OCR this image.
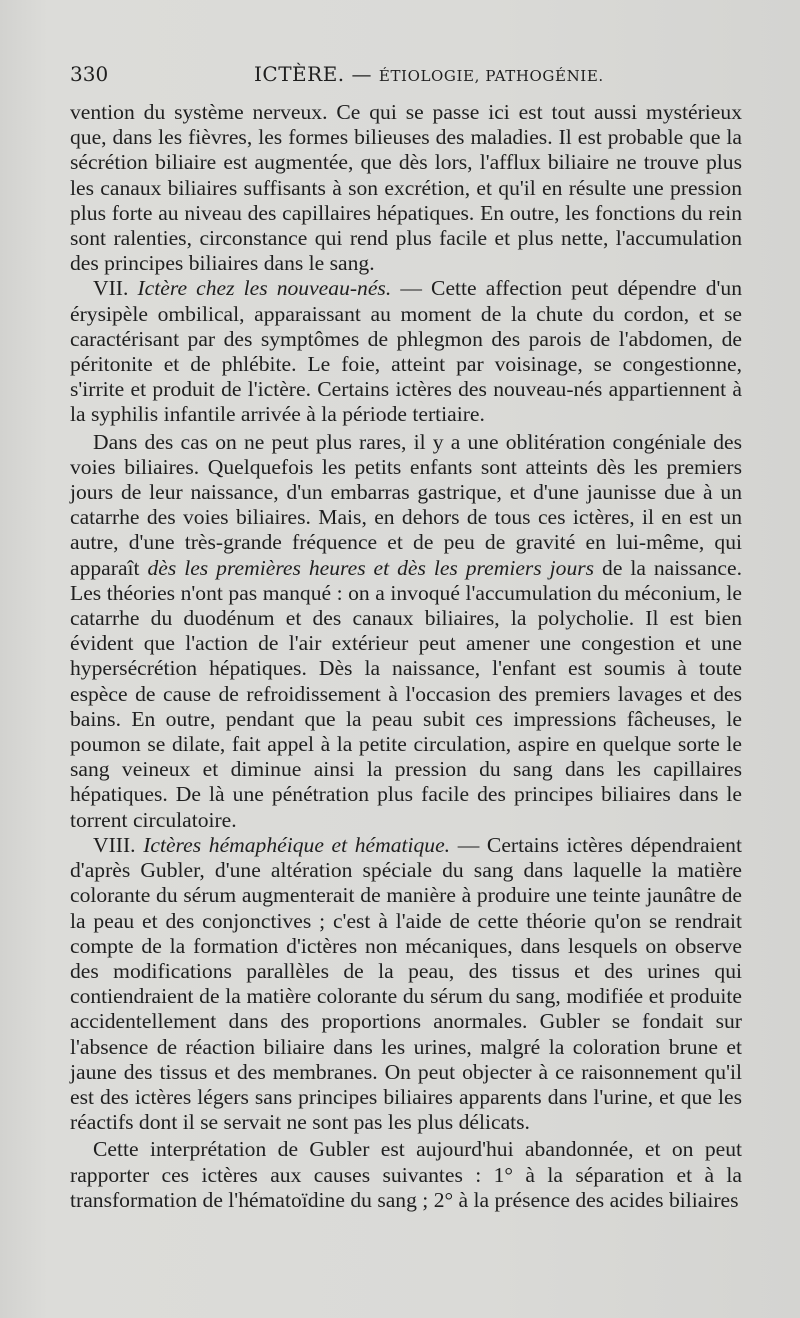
330	ICTÈRE. — ÉTIOLOGIE, PATHOGÉNIE.

vention du système nerveux. Ce qui se passe ici est tout aussi mystérieux que, dans les fièvres, les formes bilieuses des maladies. Il est probable que la sécrétion biliaire est augmentée, que dès lors, l'afflux biliaire ne trouve plus les canaux biliaires suffisants à son excrétion, et qu'il en résulte une pression plus forte au niveau des capillaires hépatiques. En outre, les fonctions du rein sont ralenties, circonstance qui rend plus facile et plus nette, l'accumulation des principes biliaires dans le sang.

VII. Ictère chez les nouveau-nés. — Cette affection peut dépendre d'un érysipèle ombilical, apparaissant au moment de la chute du cordon, et se caractérisant par des symptômes de phlegmon des parois de l'abdomen, de péritonite et de phlébite. Le foie, atteint par voisinage, se congestionne, s'irrite et produit de l'ictère. Certains ictères des nouveau-nés appartiennent à la syphilis infantile arrivée à la période tertiaire.

Dans des cas on ne peut plus rares, il y a une oblitération congéniale des voies biliaires. Quelquefois les petits enfants sont atteints dès les premiers jours de leur naissance, d'un embarras gastrique, et d'une jaunisse due à un catarrhe des voies biliaires. Mais, en dehors de tous ces ictères, il en est un autre, d'une très-grande fréquence et de peu de gravité en lui-même, qui apparaît dès les premières heures et dès les premiers jours de la naissance. Les théories n'ont pas manqué : on a invoqué l'accumulation du méconium, le catarrhe du duodénum et des canaux biliaires, la polycholie. Il est bien évident que l'action de l'air extérieur peut amener une congestion et une hypersécrétion hépatiques. Dès la naissance, l'enfant est soumis à toute espèce de cause de refroidissement à l'occasion des premiers lavages et des bains. En outre, pendant que la peau subit ces impressions fâcheuses, le poumon se dilate, fait appel à la petite circulation, aspire en quelque sorte le sang veineux et diminue ainsi la pression du sang dans les capillaires hépatiques. De là une pénétration plus facile des principes biliaires dans le torrent circulatoire.

VIII. Ictères hémaphéique et hématique. — Certains ictères dépendraient d'après Gubler, d'une altération spéciale du sang dans laquelle la matière colorante du sérum augmenterait de manière à produire une teinte jaunâtre de la peau et des conjonctives ; c'est à l'aide de cette théorie qu'on se rendrait compte de la formation d'ictères non mécaniques, dans lesquels on observe des modifications parallèles de la peau, des tissus et des urines qui contiendraient de la matière colorante du sérum du sang, modifiée et produite accidentellement dans des proportions anormales. Gubler se fondait sur l'absence de réaction biliaire dans les urines, malgré la coloration brune et jaune des tissus et des membranes. On peut objecter à ce raisonnement qu'il est des ictères légers sans principes biliaires apparents dans l'urine, et que les réactifs dont il se servait ne sont pas les plus délicats.

Cette interprétation de Gubler est aujourd'hui abandonnée, et on peut rapporter ces ictères aux causes suivantes : 1° à la séparation et à la transformation de l'hématoïdine du sang ; 2° à la présence des acides biliaires
